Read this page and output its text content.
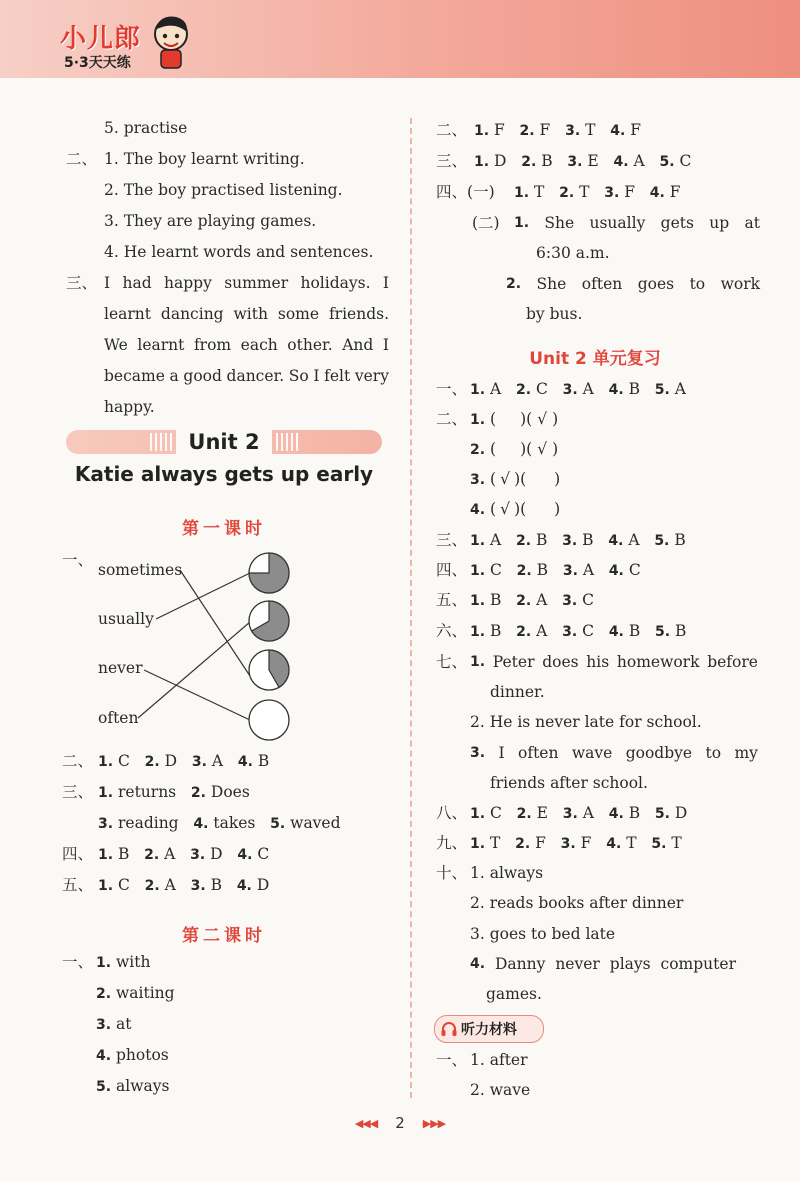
小儿郎
5·3天天练
5. practise
二、 1. The boy learnt writing.
2. The boy practised listening.
3. They are playing games.
4. He learnt words and sentences.
三、 I had happy summer holidays. I
learnt dancing with some friends.
We learnt from each other. And I
became a good dancer. So I felt very
happy.
Unit 2
Katie always gets up early
第一课时
一、
sometimes
usually
never
often
二、 1. C 2. D 3. A 4. B
三、 1. returns 2. Does
3. reading 4. takes 5. waved
四、 1. B 2. A 3. D 4. C
五、 1. C 2. A 3. B 4. D
第二课时
一、 1. with
2. waiting
3. at
4. photos
5. always
二、 1. F 2. F 3. T 4. F
三、 1. D 2. B 3. E 4. A 5. C
四、(一) 1. T 2. T 3. F 4. F
(二) 1. She usually gets up at
6:30 a.m.
2. She often goes to work
by bus.
Unit 2 单元复习
一、 1. A 2. C 3. A 4. B 5. A
二、 1. ( )( √ )
2. ( )( √ )
3. ( √ )( )
4. ( √ )( )
三、 1. A 2. B 3. B 4. A 5. B
四、 1. C 2. B 3. A 4. C
五、 1. B 2. A 3. C
六、 1. B 2. A 3. C 4. B 5. B
七、 1. Peter does his homework before
dinner.
2. He is never late for school.
3. I often wave goodbye to my
friends after school.
八、 1. C 2. E 3. A 4. B 5. D
九、 1. T 2. F 3. F 4. T 5. T
十、 1. always
2. reads books after dinner
3. goes to bed late
4. Danny never plays computer
games.
听力材料
一、 1. after
2. wave
◀◀◀ 2 ▶▶▶
